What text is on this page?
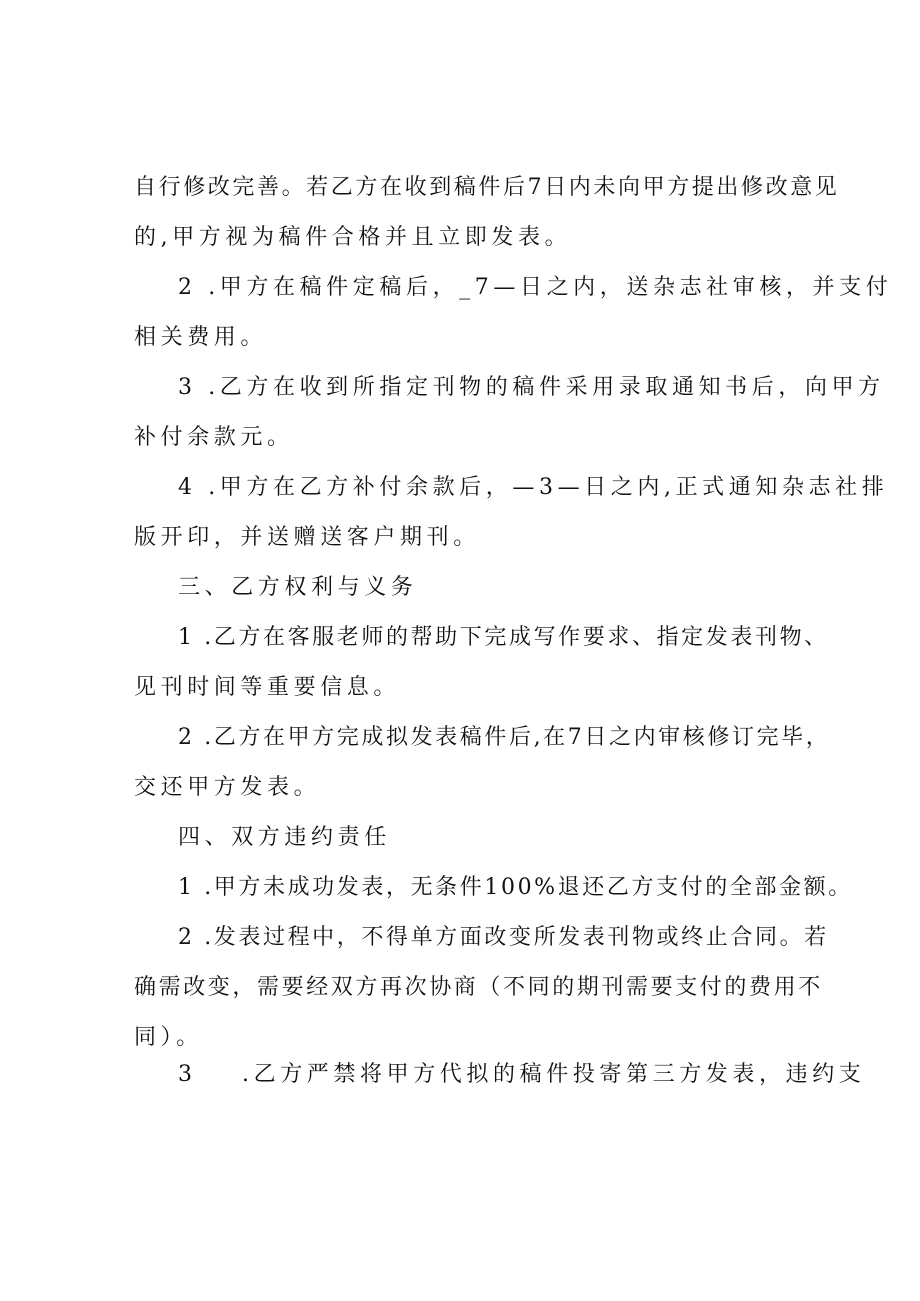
自行修改完善。若乙方在收到稿件后7日内未向甲方提出修改意见
的,甲方视为稿件合格并且立即发表。
2 .甲方在稿件定稿后，_7—日之内，送杂志社审核，并支付
相关费用。
3 .乙方在收到所指定刊物的稿件采用录取通知书后，向甲方
补付余款元。
4 .甲方在乙方补付余款后，—3—日之内,正式通知杂志社排
版开印，并送赠送客户期刊。
三、乙方权利与义务
1 .乙方在客服老师的帮助下完成写作要求、指定发表刊物、
见刊时间等重要信息。
2 .乙方在甲方完成拟发表稿件后,在7日之内审核修订完毕，
交还甲方发表。
四、双方违约责任
1 .甲方未成功发表，无条件100%退还乙方支付的全部金额。
2 .发表过程中，不得单方面改变所发表刊物或终止合同。若
确需改变，需要经双方再次协商（不同的期刊需要支付的费用不
同）。
3 .乙方严禁将甲方代拟的稿件投寄第三方发表，违约支
